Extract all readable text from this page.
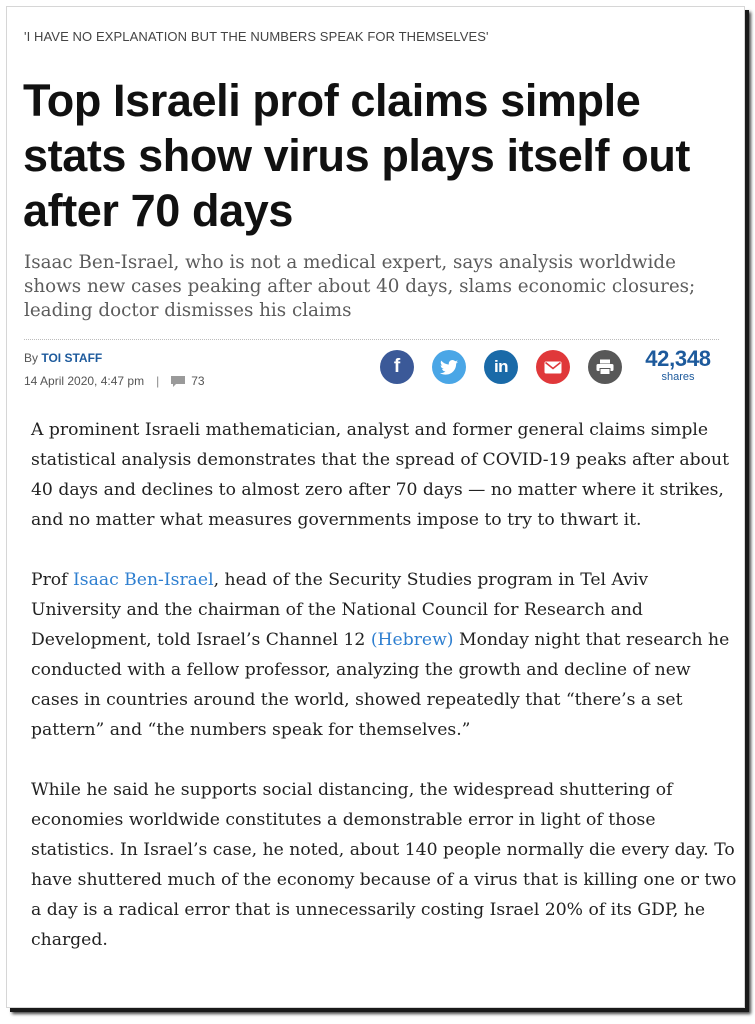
'I HAVE NO EXPLANATION BUT THE NUMBERS SPEAK FOR THEMSELVES'
Top Israeli prof claims simple stats show virus plays itself out after 70 days
Isaac Ben-Israel, who is not a medical expert, says analysis worldwide shows new cases peaking after about 40 days, slams economic closures; leading doctor dismisses his claims
By TOI STAFF
14 April 2020, 4:47 pm |	73
f	in	42,348
shares

A prominent Israeli mathematician, analyst and former general claims simple statistical analysis demonstrates that the spread of COVID-19 peaks after about 40 days and declines to almost zero after 70 days — no matter where it strikes, and no matter what measures governments impose to try to thwart it.

Prof Isaac Ben-Israel, head of the Security Studies program in Tel Aviv University and the chairman of the National Council for Research and Development, told Israel’s Channel 12 (Hebrew) Monday night that research he conducted with a fellow professor, analyzing the growth and decline of new cases in countries around the world, showed repeatedly that “there’s a set pattern” and “the numbers speak for themselves.”

While he said he supports social distancing, the widespread shuttering of economies worldwide constitutes a demonstrable error in light of those statistics. In Israel’s case, he noted, about 140 people normally die every day. To have shuttered much of the economy because of a virus that is killing one or two a day is a radical error that is unnecessarily costing Israel 20% of its GDP, he charged.
